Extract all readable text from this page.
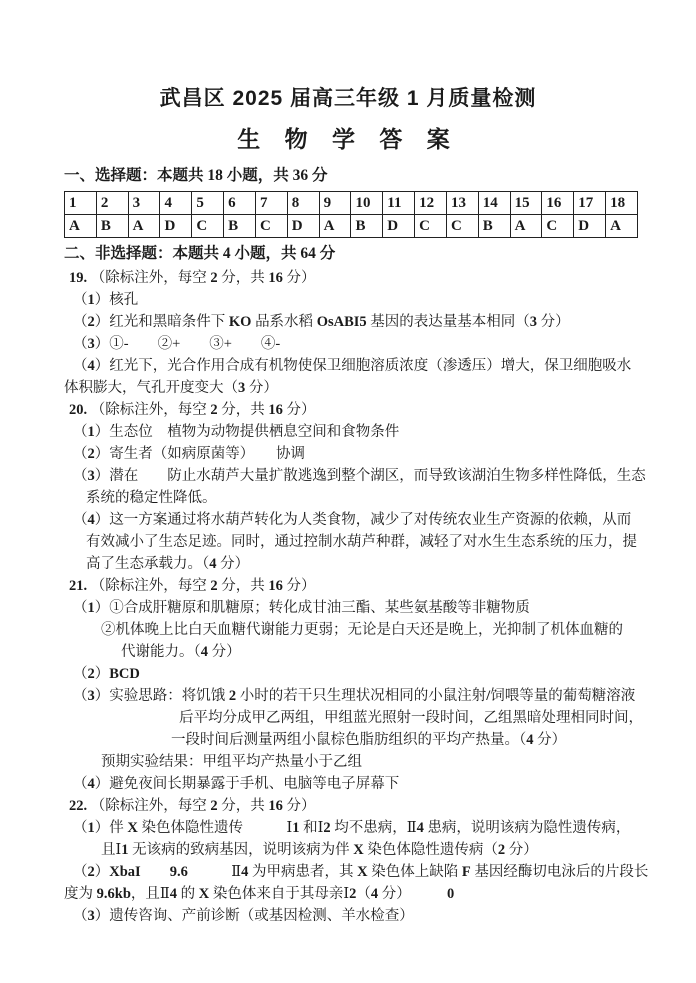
武昌区 2025 届高三年级 1 月质量检测
生 物 学 答 案
一、选择题：本题共 18 小题，共 36 分
1	2	3	4	5	6	7	8	9	10	11	12	13	14	15	16	17	18
A	B	A	D	C	B	C	D	A	B	D	C	C	B	A	C	D	A
二、非选择题：本题共 4 小题，共 64 分
19. （除标注外，每空 2 分，共 16 分）
（1）核孔
（2）红光和黑暗条件下 KO 品系水稻 OsABI5 基因的表达量基本相同（3 分）
（3）①-　　②+　　③+　　④-
（4）红光下，光合作用合成有机物使保卫细胞溶质浓度（渗透压）增大，保卫细胞吸水
体积膨大，气孔开度变大（3 分）
20. （除标注外，每空 2 分，共 16 分）
（1）生态位　植物为动物提供栖息空间和食物条件
（2）寄生者（如病原菌等）　　协调
（3）潜在　　防止水葫芦大量扩散逃逸到整个湖区，而导致该湖泊生物多样性降低，生态
系统的稳定性降低。
（4）这一方案通过将水葫芦转化为人类食物，减少了对传统农业生产资源的依赖，从而
有效减小了生态足迹。同时，通过控制水葫芦种群，减轻了对水生生态系统的压力，提
高了生态承载力。（4 分）
21. （除标注外，每空 2 分，共 16 分）
（1）①合成肝糖原和肌糖原；转化成甘油三酯、某些氨基酸等非糖物质
②机体晚上比白天血糖代谢能力更弱；无论是白天还是晚上，光抑制了机体血糖的
代谢能力。（4 分）
（2）BCD
（3）实验思路：将饥饿 2 小时的若干只生理状况相同的小鼠注射/饲喂等量的葡萄糖溶液
后平均分成甲乙两组，甲组蓝光照射一段时间，乙组黑暗处理相同时间，
一段时间后测量两组小鼠棕色脂肪组织的平均产热量。（4 分）
预期实验结果：甲组平均产热量小于乙组
（4）避免夜间长期暴露于手机、电脑等电子屏幕下
22. （除标注外，每空 2 分，共 16 分）
（1）伴 X 染色体隐性遗传　　　Ⅰ1 和Ⅰ2 均不患病，Ⅱ4 患病，说明该病为隐性遗传病，
且Ⅰ1 无该病的致病基因，说明该病为伴 X 染色体隐性遗传病（2 分）
（2）XbaI　　 9.6　　　Ⅱ4 为甲病患者，其 X 染色体上缺陷 F 基因经酶切电泳后的片段长
度为 9.6kb，且Ⅱ4 的 X 染色体来自于其母亲Ⅰ2（4 分）　　　0
（3）遗传咨询、产前诊断（或基因检测、羊水检查）
